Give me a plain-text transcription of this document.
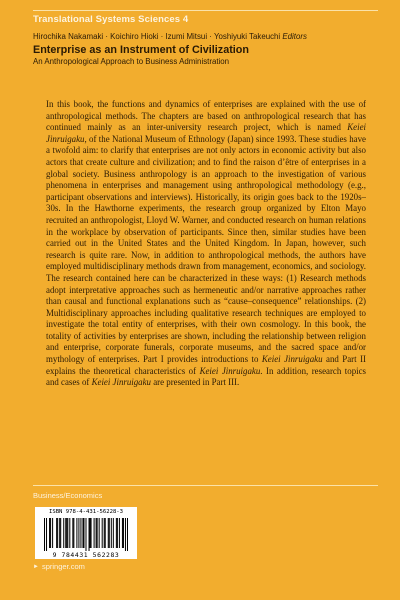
Translational Systems Sciences 4
Hirochika Nakamaki · Koichiro Hioki · Izumi Mitsui · Yoshiyuki Takeuchi Editors
Enterprise as an Instrument of Civilization
An Anthropological Approach to Business Administration

In this book, the functions and dynamics of enterprises are explained with the use of anthropological methods. The chapters are based on anthropological research that has continued mainly as an inter-university research project, which is named Keiei Jinruigaku, of the National Museum of Ethnology (Japan) since 1993. These studies have a twofold aim: to clarify that enterprises are not only actors in economic activity but also actors that create culture and civilization; and to find the raison d’être of enterprises in a global society. Business anthropology is an approach to the investigation of various phenomena in enterprises and management using anthropological methodology (e.g., participant observations and interviews). Historically, its origin goes back to the 1920s–30s. In the Hawthorne experiments, the research group organized by Elton Mayo recruited an anthropologist, Lloyd W. Warner, and conducted research on human relations in the workplace by observation of participants. Since then, similar studies have been carried out in the United States and the United Kingdom. In Japan, however, such research is quite rare. Now, in addition to anthropological methods, the authors have employed multidisciplinary methods drawn from management, economics, and sociology. The research contained here can be characterized in these ways: (1) Research methods adopt interpretative approaches such as hermeneutic and/or narrative approaches rather than causal and functional explanations such as “cause–consequence” relationships. (2) Multidisciplinary approaches including qualitative research techniques are employed to investigate the total entity of enterprises, with their own cosmology. In this book, the totality of activities by enterprises are shown, including the relationship between religion and enterprise, corporate funerals, corporate museums, and the sacred space and/or mythology of enterprises. Part I provides introductions to Keiei Jinruigaku and Part II explains the theoretical characteristics of Keiei Jinruigaku. In addition, research topics and cases of Keiei Jinruigaku are presented in Part III.

Business/Economics
ISBN 978-4-431-56228-3
9 784431 562283
► springer.com
